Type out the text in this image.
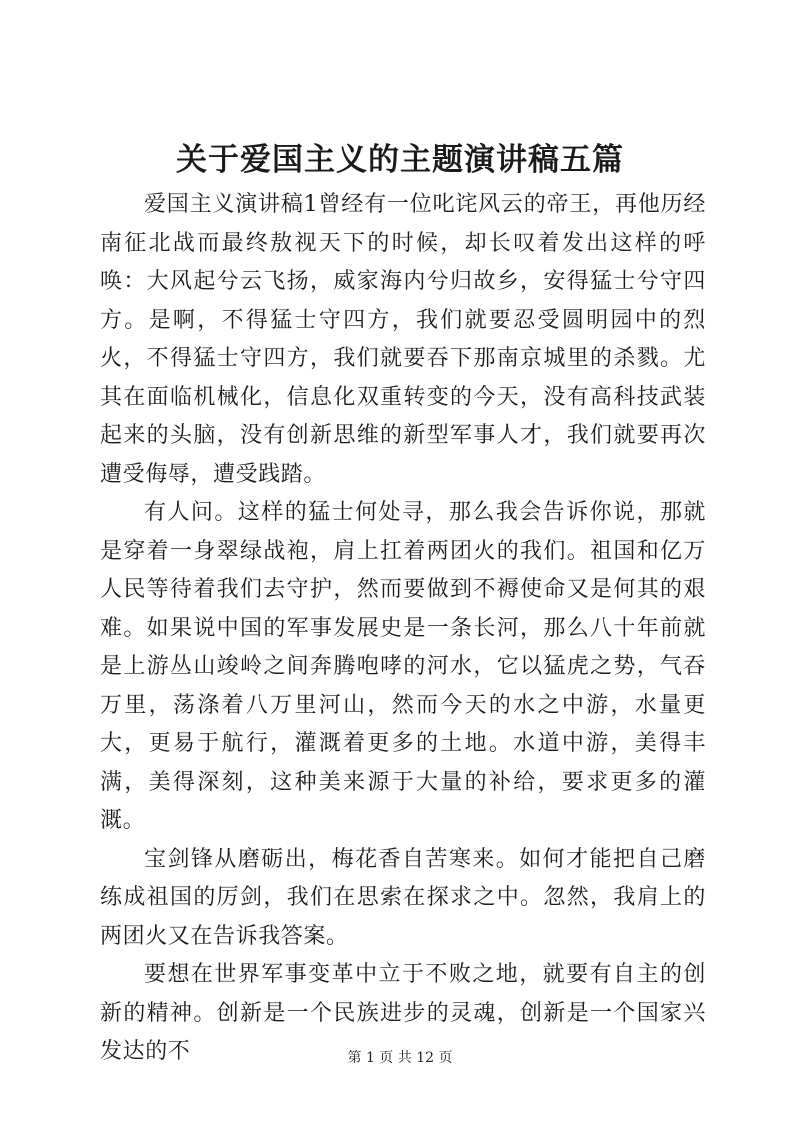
关于爱国主义的主题演讲稿五篇

爱国主义演讲稿1曾经有一位叱诧风云的帝王，再他历经南征北战而最终敖视天下的时候，却长叹着发出这样的呼唤：大风起兮云飞扬，威家海内兮归故乡，安得猛士兮守四方。是啊，不得猛士守四方，我们就要忍受圆明园中的烈火，不得猛士守四方，我们就要吞下那南京城里的杀戮。尤其在面临机械化，信息化双重转变的今天，没有高科技武装起来的头脑，没有创新思维的新型军事人才，我们就要再次遭受侮辱，遭受践踏。

有人问。这样的猛士何处寻，那么我会告诉你说，那就是穿着一身翠绿战袍，肩上扛着两团火的我们。祖国和亿万人民等待着我们去守护，然而要做到不褥使命又是何其的艰难。如果说中国的军事发展史是一条长河，那么八十年前就是上游丛山竣岭之间奔腾咆哮的河水，它以猛虎之势，气吞万里，荡涤着八万里河山，然而今天的水之中游，水量更大，更易于航行，灌溉着更多的土地。水道中游，美得丰满，美得深刻，这种美来源于大量的补给，要求更多的灌溉。

宝剑锋从磨砺出，梅花香自苦寒来。如何才能把自己磨练成祖国的厉剑，我们在思索在探求之中。忽然，我肩上的两团火又在告诉我答案。

要想在世界军事变革中立于不败之地，就要有自主的创新的精神。创新是一个民族进步的灵魂，创新是一个国家兴发达的不	第 1 页 共 12 页
